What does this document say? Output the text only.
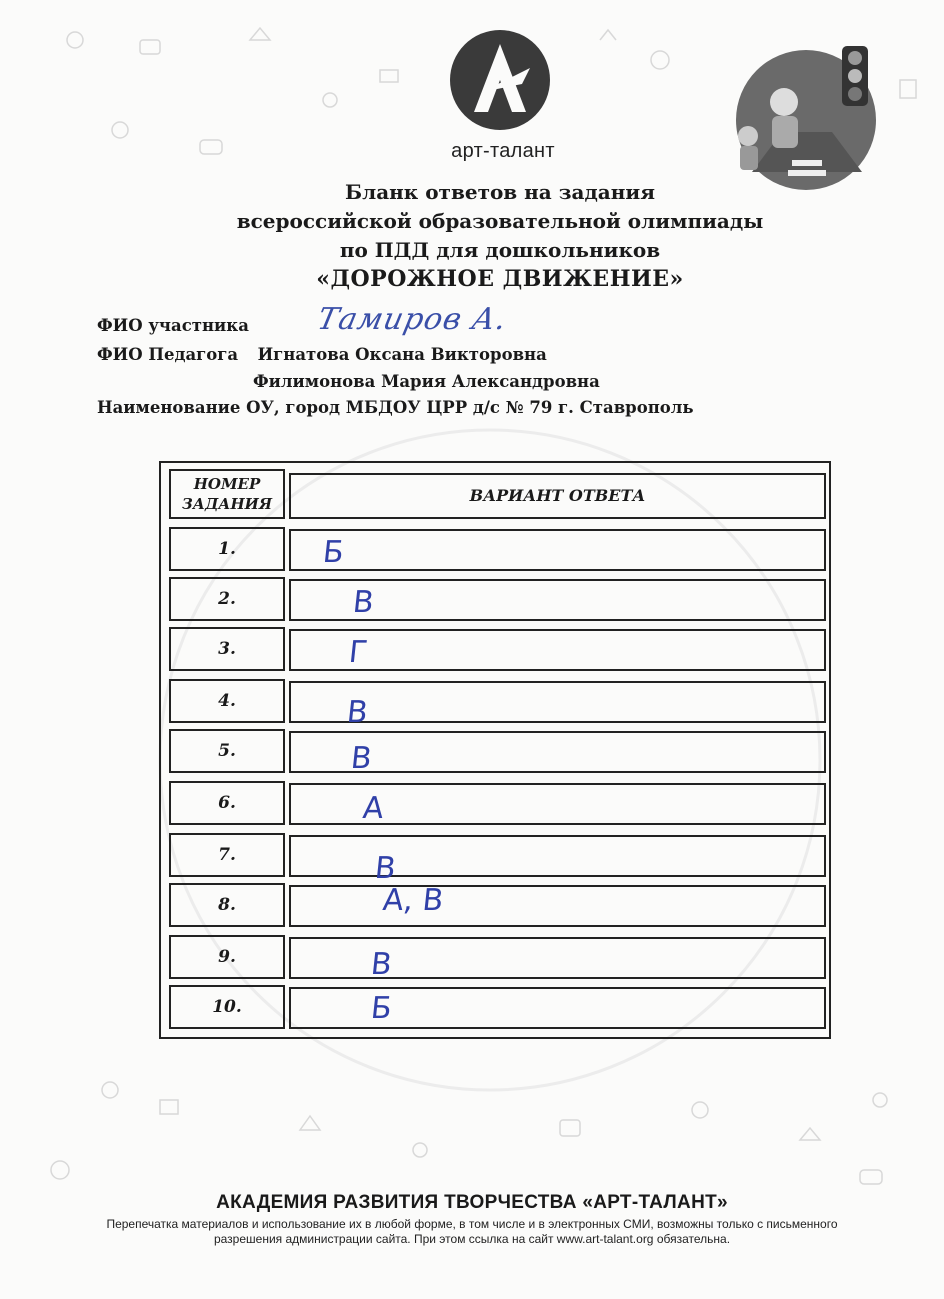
арт-талант
Бланк ответов на задания
всероссийской образовательной олимпиады
по ПДД для дошкольников
«ДОРОЖНОЕ ДВИЖЕНИЕ»
ФИО участника Тамиров А.
ФИО Педагога Игнатова Оксана Викторовна
Филимонова Мария Александровна
Наименование ОУ, город МБДОУ ЦРР д/с № 79 г. Ставрополь
НОМЕР
ЗАДАНИЯ	ВАРИАНТ ОТВЕТА
1.	Б
2.	В
3.	Г
4.	В
5.	В
6.	А
7.	В
8.	А, В
9.	В
10.	Б
АКАДЕМИЯ РАЗВИТИЯ ТВОРЧЕСТВА «АРТ-ТАЛАНТ»
Перепечатка материалов и использование их в любой форме, в том числе и в электронных СМИ, возможны только с письменного
разрешения администрации сайта. При этом ссылка на сайт www.art-talant.org обязательна.
